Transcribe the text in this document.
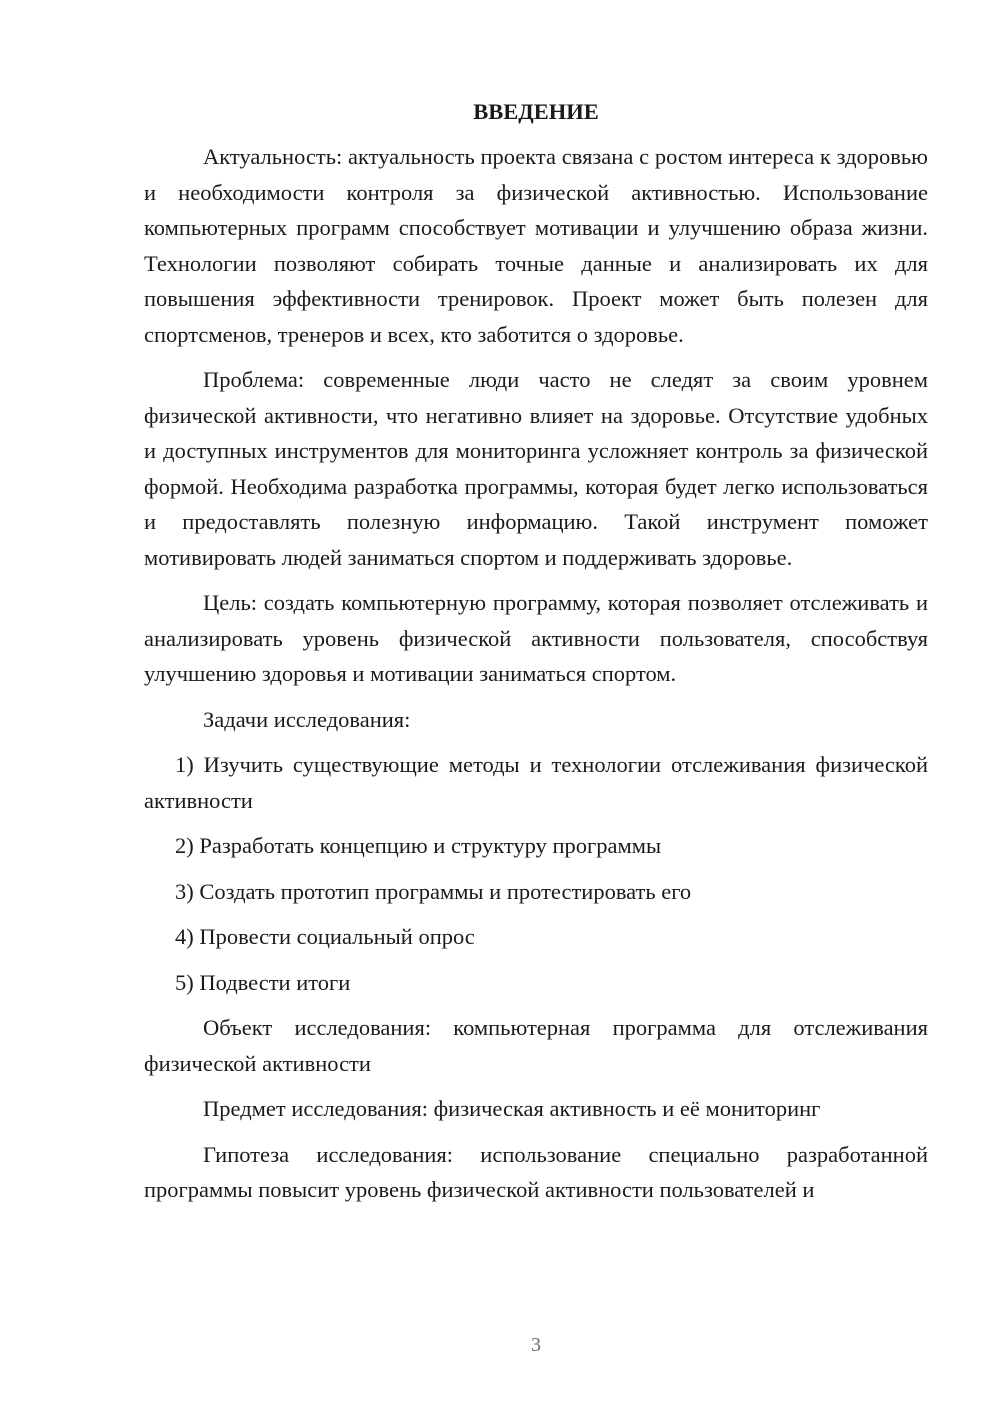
ВВЕДЕНИЕ

Актуальность: актуальность проекта связана с ростом интереса к здоровью и необходимости контроля за физической активностью. Использование компьютерных программ способствует мотивации и улучшению образа жизни. Технологии позволяют собирать точные данные и анализировать их для повышения эффективности тренировок. Проект может быть полезен для спортсменов, тренеров и всех, кто заботится о здоровье.

Проблема: современные люди часто не следят за своим уровнем физической активности, что негативно влияет на здоровье. Отсутствие удобных и доступных инструментов для мониторинга усложняет контроль за физической формой. Необходима разработка программы, которая будет легко использоваться и предоставлять полезную информацию. Такой инструмент поможет мотивировать людей заниматься спортом и поддерживать здоровье.

Цель: создать компьютерную программу, которая позволяет отслеживать и анализировать уровень физической активности пользователя, способствуя улучшению здоровья и мотивации заниматься спортом.

Задачи исследования:

1) Изучить существующие методы и технологии отслеживания физической активности

2) Разработать концепцию и структуру программы

3) Создать прототип программы и протестировать его

4) Провести социальный опрос

5) Подвести итоги

Объект исследования: компьютерная программа для отслеживания физической активности

Предмет исследования: физическая активность и её мониторинг

Гипотеза исследования: использование специально разработанной программы повысит уровень физической активности пользователей и

3
